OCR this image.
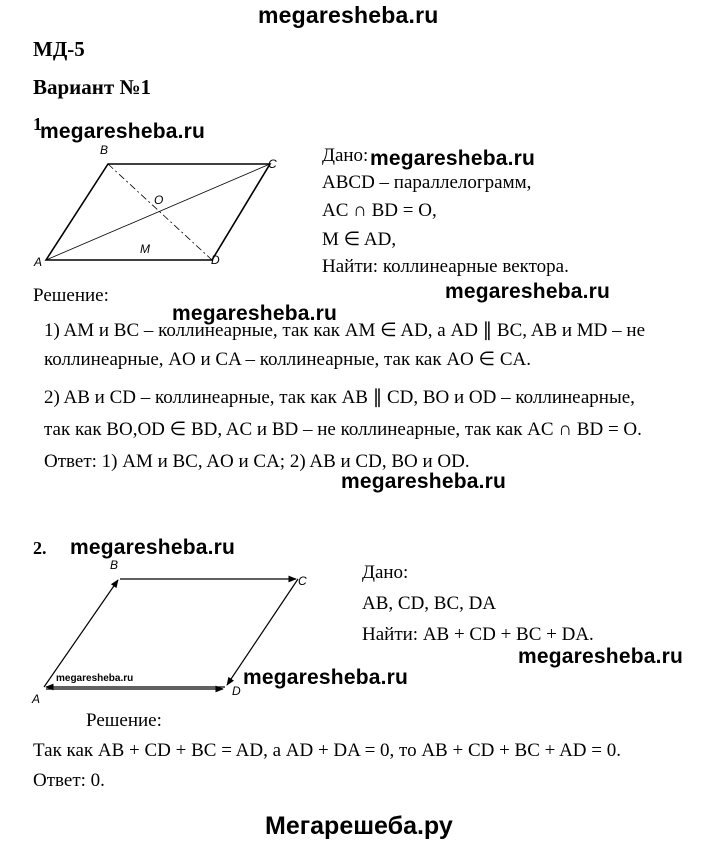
megaresheba.ru
МД-5
Вариант №1
1
megaresheba.ru
A
B
C
D
O
M
Дано: megaresheba.ru
ABCD – параллелограмм,
AC ∩ BD = O,
M ∈ AD,
Найти: коллинеарные вектора.
Решение:	megaresheba.ru
megaresheba.ru
1) AM и BC – коллинеарные, так как AM ∈ AD, а AD ∥ BC, AB и MD – не
коллинеарные, AO и CA – коллинеарные, так как AO ∈ CA.
2) AB и CD – коллинеарные, так как AB ∥ CD, BO и OD – коллинеарные,
так как BO,OD ∈ BD, AC и BD – не коллинеарные, так как AC ∩ BD = O.
Ответ: 1) AM и BC, AO и CA; 2) AB и CD, BO и OD.
megaresheba.ru
2. megaresheba.ru
A
B
C
D
megaresheba.ru	megaresheba.ru
Дано:
AB, CD, BC, DA
Найти: AB + CD + BC + DA.
megaresheba.ru
Решение:
Так как AB + CD + BC = AD, а AD + DA = 0, то AB + CD + BC + AD = 0.
Ответ: 0.
Мегарешеба.ру
